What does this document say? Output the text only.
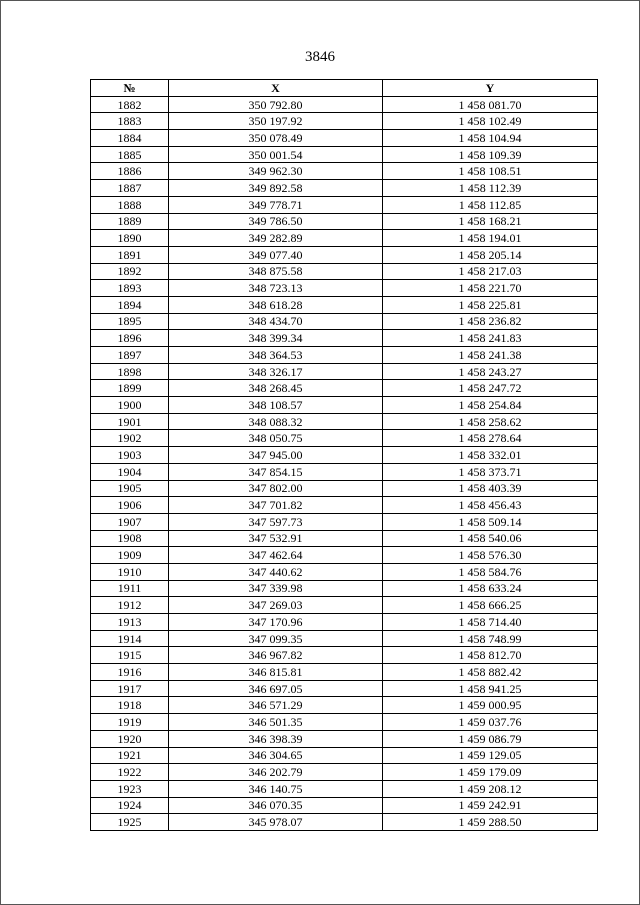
3846
№	X	Y
1882	350 792.80	1 458 081.70
1883	350 197.92	1 458 102.49
1884	350 078.49	1 458 104.94
1885	350 001.54	1 458 109.39
1886	349 962.30	1 458 108.51
1887	349 892.58	1 458 112.39
1888	349 778.71	1 458 112.85
1889	349 786.50	1 458 168.21
1890	349 282.89	1 458 194.01
1891	349 077.40	1 458 205.14
1892	348 875.58	1 458 217.03
1893	348 723.13	1 458 221.70
1894	348 618.28	1 458 225.81
1895	348 434.70	1 458 236.82
1896	348 399.34	1 458 241.83
1897	348 364.53	1 458 241.38
1898	348 326.17	1 458 243.27
1899	348 268.45	1 458 247.72
1900	348 108.57	1 458 254.84
1901	348 088.32	1 458 258.62
1902	348 050.75	1 458 278.64
1903	347 945.00	1 458 332.01
1904	347 854.15	1 458 373.71
1905	347 802.00	1 458 403.39
1906	347 701.82	1 458 456.43
1907	347 597.73	1 458 509.14
1908	347 532.91	1 458 540.06
1909	347 462.64	1 458 576.30
1910	347 440.62	1 458 584.76
1911	347 339.98	1 458 633.24
1912	347 269.03	1 458 666.25
1913	347 170.96	1 458 714.40
1914	347 099.35	1 458 748.99
1915	346 967.82	1 458 812.70
1916	346 815.81	1 458 882.42
1917	346 697.05	1 458 941.25
1918	346 571.29	1 459 000.95
1919	346 501.35	1 459 037.76
1920	346 398.39	1 459 086.79
1921	346 304.65	1 459 129.05
1922	346 202.79	1 459 179.09
1923	346 140.75	1 459 208.12
1924	346 070.35	1 459 242.91
1925	345 978.07	1 459 288.50
